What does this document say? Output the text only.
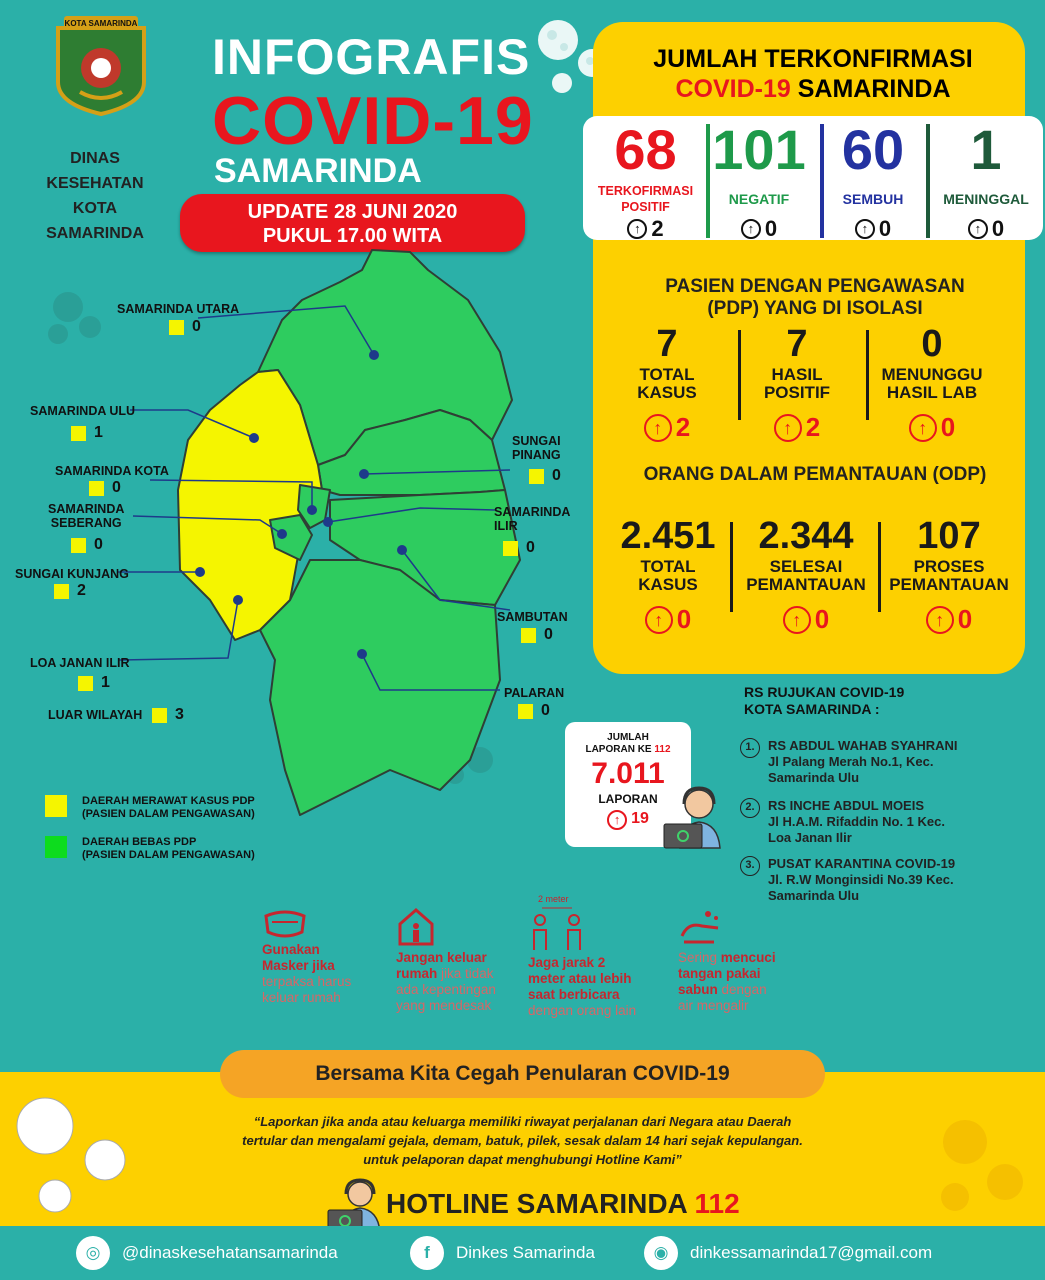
KOTA SAMARINDA
DINAS
KESEHATAN
KOTA
SAMARINDA
INFOGRAFIS
COVID-19
SAMARINDA
UPDATE 28 JUNI 2020
PUKUL 17.00 WITA
JUMLAH TERKONFIRMASI
COVID-19 SAMARINDA
68
TERKOFIRMASI POSITIF
↑ 2
101
NEGATIF
↑ 0
60
SEMBUH
↑ 0
1
MENINGGAL
↑ 0
PASIEN DENGAN PENGAWASAN
(PDP) YANG DI ISOLASI
7
TOTAL
KASUS
↑ 2
7
HASIL
POSITIF
↑ 2
0
MENUNGGU
HASIL LAB
↑ 0
ORANG DALAM PEMANTAUAN (ODP)
2.451
TOTAL
KASUS
↑ 0
2.344
SELESAI
PEMANTAUAN
↑ 0
107
PROSES
PEMANTAUAN
↑ 0
SAMARINDA UTARA
0
SAMARINDA ULU
1
SAMARINDA KOTA
0
SAMARINDA
SEBERANG
0
SUNGAI KUNJANG
2
LOA JANAN ILIR
1
LUAR WILAYAH 3
SUNGAI
PINANG
0
SAMARINDA
ILIR
0
SAMBUTAN
0
PALARAN
0
DAERAH MERAWAT KASUS PDP
(PASIEN DALAM PENGAWASAN)
DAERAH BEBAS PDP
(PASIEN DALAM PENGAWASAN)
JUMLAH
LAPORAN KE 112
7.011
LAPORAN
↑ 19
RS RUJUKAN COVID-19
KOTA SAMARINDA :
1.	RS ABDUL WAHAB SYAHRANI
Jl Palang Merah No.1, Kec.
Samarinda Ulu
2.	RS INCHE ABDUL MOEIS
Jl H.A.M. Rifaddin No. 1 Kec.
Loa Janan Ilir
3.	PUSAT KARANTINA COVID-19
Jl. R.W Monginsidi No.39 Kec.
Samarinda Ulu
Gunakan
Masker jika
terpaksa harus
keluar rumah
Jangan keluar
rumah jika tidak
ada kepentingan
yang mendesak
2 meter
Jaga jarak 2
meter atau lebih
saat berbicara
dengan orang lain
Sering mencuci
tangan pakai
sabun dengan
air mengalir
Bersama Kita Cegah Penularan COVID-19
“Laporkan jika anda atau keluarga memiliki riwayat perjalanan dari Negara atau Daerah
tertular dan mengalami gejala, demam, batuk, pilek, sesak dalam 14 hari sejak kepulangan.
untuk pelaporan dapat menghubungi Hotline Kami”
HOTLINE SAMARINDA 112
◎	@dinaskesehatansamarinda	f	Dinkes Samarinda	◉	dinkessamarinda17@gmail.com
